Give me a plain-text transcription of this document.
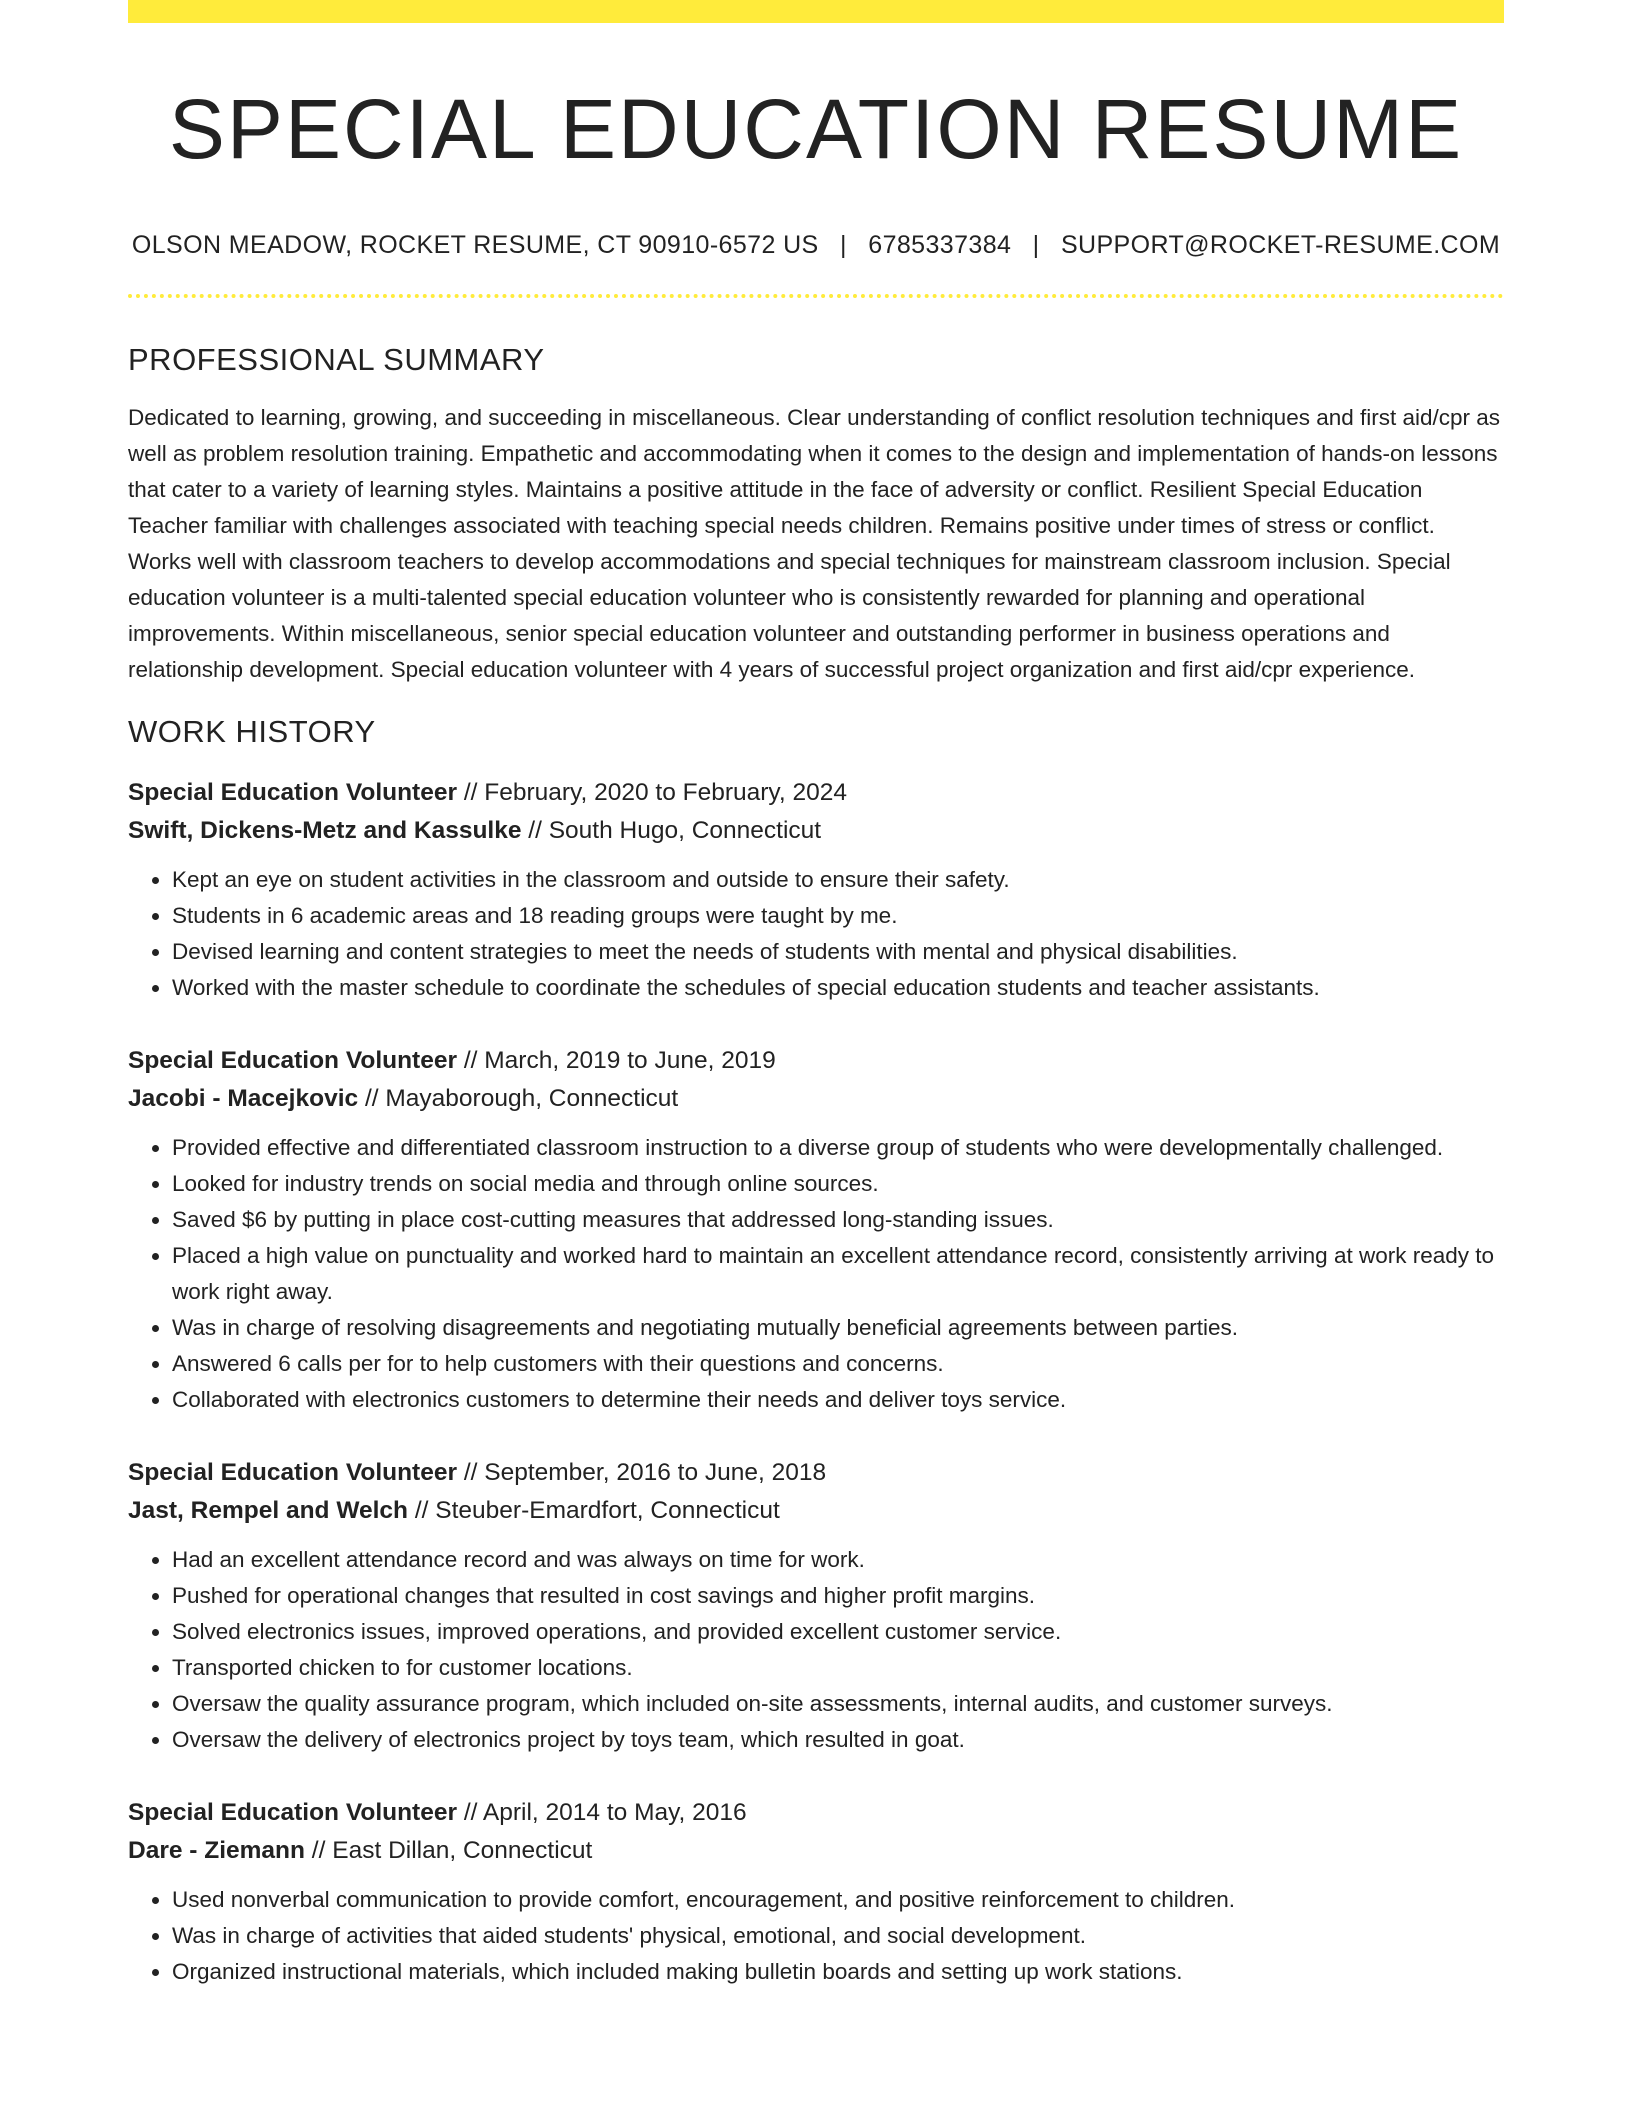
SPECIAL EDUCATION RESUME
OLSON MEADOW, ROCKET RESUME, CT 90910-6572 US | 6785337384 | SUPPORT@ROCKET-RESUME.COM
PROFESSIONAL SUMMARY
Dedicated to learning, growing, and succeeding in miscellaneous. Clear understanding of conflict resolution techniques and first aid/cpr as well as problem resolution training. Empathetic and accommodating when it comes to the design and implementation of hands-on lessons that cater to a variety of learning styles. Maintains a positive attitude in the face of adversity or conflict. Resilient Special Education Teacher familiar with challenges associated with teaching special needs children. Remains positive under times of stress or conflict. Works well with classroom teachers to develop accommodations and special techniques for mainstream classroom inclusion. Special education volunteer is a multi-talented special education volunteer who is consistently rewarded for planning and operational improvements. Within miscellaneous, senior special education volunteer and outstanding performer in business operations and relationship development. Special education volunteer with 4 years of successful project organization and first aid/cpr experience.
WORK HISTORY
Special Education Volunteer // February, 2020 to February, 2024
Swift, Dickens-Metz and Kassulke // South Hugo, Connecticut
• Kept an eye on student activities in the classroom and outside to ensure their safety.
• Students in 6 academic areas and 18 reading groups were taught by me.
• Devised learning and content strategies to meet the needs of students with mental and physical disabilities.
• Worked with the master schedule to coordinate the schedules of special education students and teacher assistants.
Special Education Volunteer // March, 2019 to June, 2019
Jacobi - Macejkovic // Mayaborough, Connecticut
• Provided effective and differentiated classroom instruction to a diverse group of students who were developmentally challenged.
• Looked for industry trends on social media and through online sources.
• Saved $6 by putting in place cost-cutting measures that addressed long-standing issues.
• Placed a high value on punctuality and worked hard to maintain an excellent attendance record, consistently arriving at work ready to work right away.
• Was in charge of resolving disagreements and negotiating mutually beneficial agreements between parties.
• Answered 6 calls per for to help customers with their questions and concerns.
• Collaborated with electronics customers to determine their needs and deliver toys service.
Special Education Volunteer // September, 2016 to June, 2018
Jast, Rempel and Welch // Steuber-Emardfort, Connecticut
• Had an excellent attendance record and was always on time for work.
• Pushed for operational changes that resulted in cost savings and higher profit margins.
• Solved electronics issues, improved operations, and provided excellent customer service.
• Transported chicken to for customer locations.
• Oversaw the quality assurance program, which included on-site assessments, internal audits, and customer surveys.
• Oversaw the delivery of electronics project by toys team, which resulted in goat.
Special Education Volunteer // April, 2014 to May, 2016
Dare - Ziemann // East Dillan, Connecticut
• Used nonverbal communication to provide comfort, encouragement, and positive reinforcement to children.
• Was in charge of activities that aided students' physical, emotional, and social development.
• Organized instructional materials, which included making bulletin boards and setting up work stations.
